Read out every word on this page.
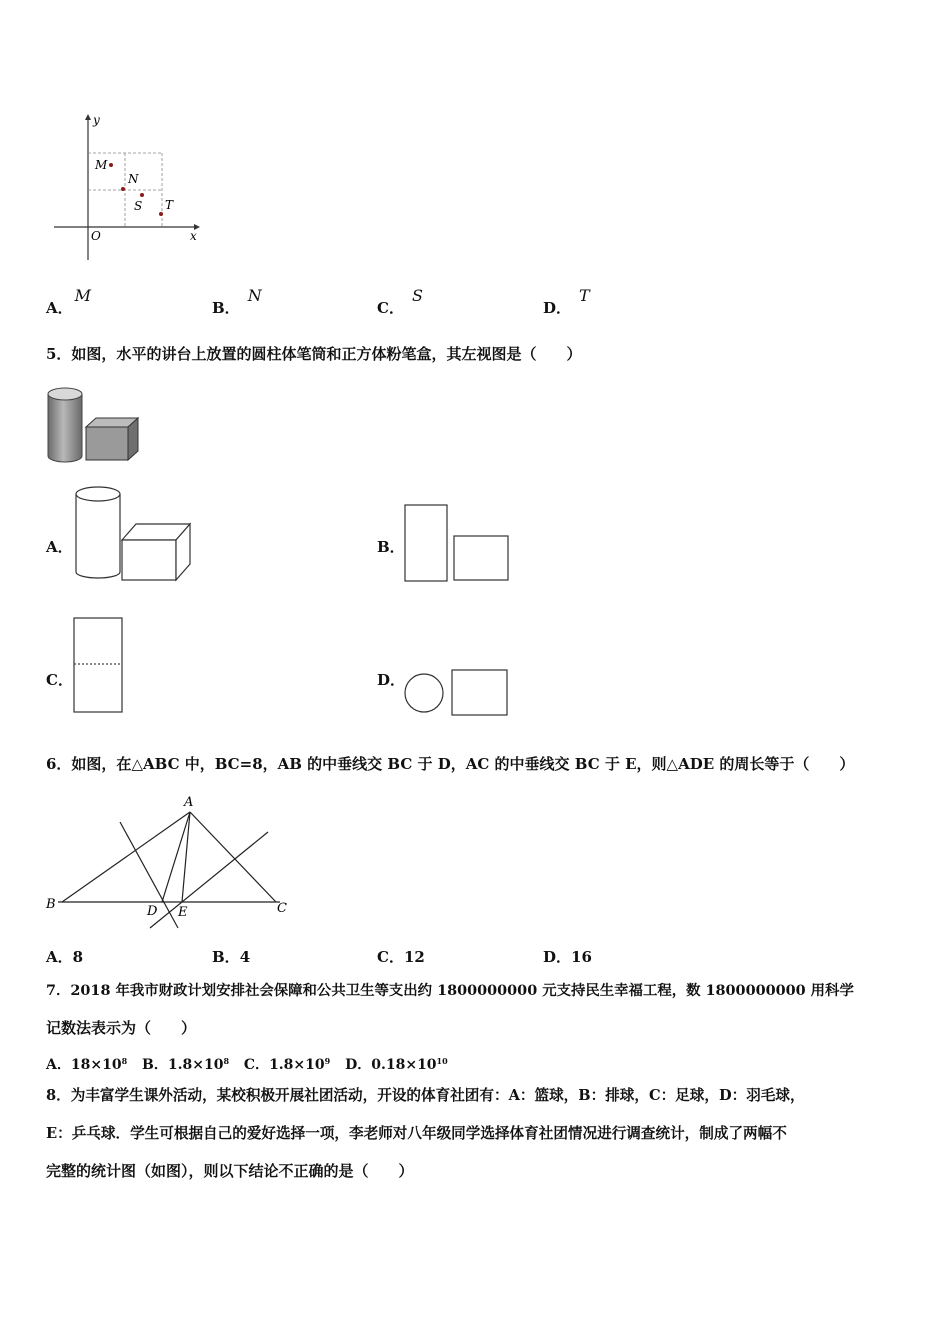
y
x
O
M
N
S T
A．M
B．N
C．S
D．T
5．如图，水平的讲台上放置的圆柱体笔筒和正方体粉笔盒，其左视图是（　　）
A．	B．
C．	D．
6．如图，在△ABC 中，BC=8，AB 的中垂线交 BC 于 D，AC 的中垂线交 BC 于 E，则△ADE 的周长等于（　　）
A
B	C
D E
A．8	B．4	C．12	D．16
7．2018 年我市财政计划安排社会保障和公共卫生等支出约 1800000000 元支持民生幸福工程，数 1800000000 用科学
记数法表示为（　　）
A．$18\times 10^8$ B．$1.8\times 10^8$ C．$1.8\times 10^9$ D．$0.18\times 10^{10}$
8．为丰富学生课外活动，某校积极开展社团活动，开设的体育社团有：A：篮球，B：排球，C：足球，D：羽毛球，
E：乒乓球．学生可根据自己的爱好选择一项，李老师对八年级同学选择体育社团情况进行调查统计，制成了两幅不
完整的统计图（如图），则以下结论不正确的是（　　）
